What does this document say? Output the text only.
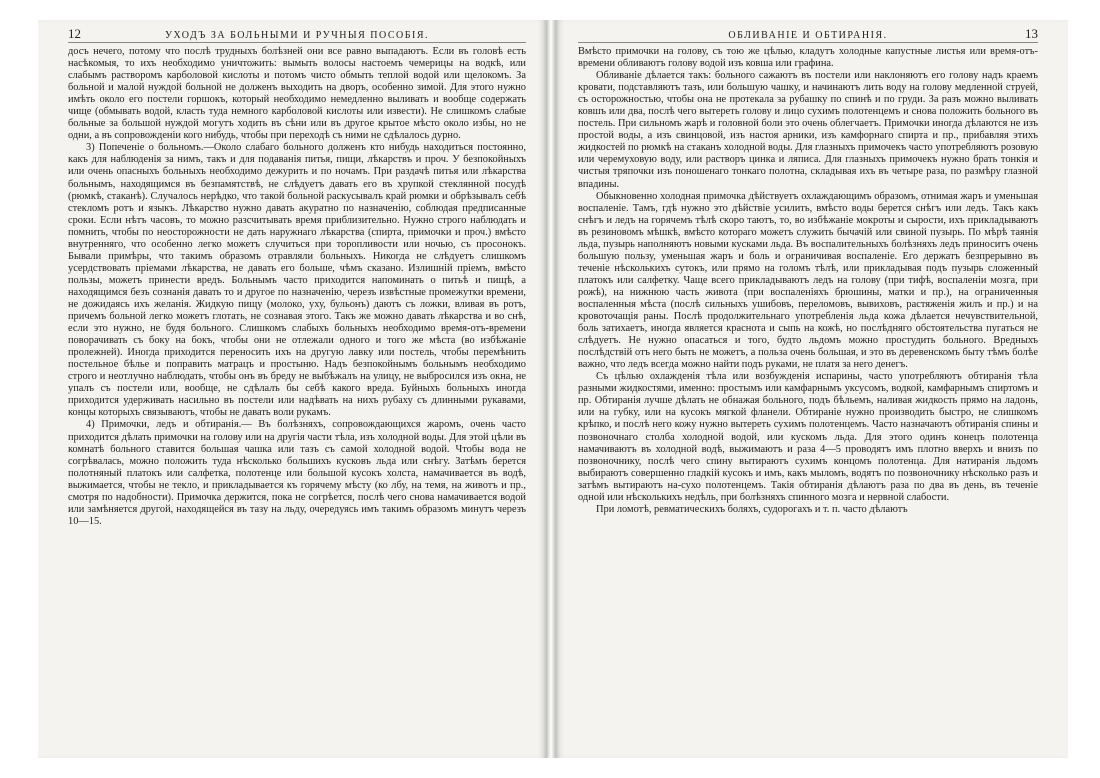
12	УХОДЪ ЗА БОЛЬНЫМИ И РУЧНЫЯ ПОСОБІЯ.

досъ нечего, потому что послѣ трудныхъ болѣзней они все равно выпадаютъ. Если въ головѣ есть насѣкомыя, то ихъ необходимо уничтожить: вымыть волосы настоемъ чемерицы на водкѣ, или слабымъ растворомъ карболовой кислоты и потомъ чисто обмыть теплой водой или щелокомъ. За больной и малой нуждой больной не долженъ выходить на дворъ, особенно зимой. Для этого нужно имѣть около его постели горшокъ, который необходимо немедленно выливать и вообще содержать чище (обмывать водой, класть туда немного карболовой кислоты или извести). Не слишкомъ слабые больные за большой нуждой могутъ ходить въ сѣни или въ другое крытое мѣсто около избы, но не одни, а въ сопровожденіи кого нибудь, чтобы при переходѣ съ ними не сдѣлалось дурно.

3) Попеченіе о больномъ.—Около слабаго больного долженъ кто нибудь находиться постоянно, какъ для наблюденія за нимъ, такъ и для подаванія питья, пищи, лѣкарствъ и проч. У безпокойныхъ или очень опасныхъ больныхъ необходимо дежурить и по ночамъ. При раздачѣ питья или лѣкарства больнымъ, находящимся въ безпамятствѣ, не слѣдуетъ давать его въ хрупкой стеклянной посудѣ (рюмкѣ, стаканѣ). Случалось нерѣдко, что такой больной раскусывалъ край рюмки и обрѣзывалъ себѣ стекломъ ротъ и языкъ. Лѣкарство нужно давать акуратно по назначенію, соблюдая предписанные сроки. Если нѣтъ часовъ, то можно разсчитывать время приблизительно. Нужно строго наблюдать и помнить, чтобы по неосторожности не дать наружнаго лѣкарства (спирта, примочки и проч.) вмѣсто внутренняго, что особенно легко можетъ случиться при торопливости или ночью, съ просонокъ. Бывали примѣры, что такимъ образомъ отравляли больныхъ. Никогда не слѣдуетъ слишкомъ усердствовать пріемами лѣкарства, не давать его больше, чѣмъ сказано. Излишній пріемъ, вмѣсто пользы, можетъ принести вредъ. Больнымъ часто приходится напоминать о питьѣ и пищѣ, а находящимся безъ сознанія давать то и другое по назначенію, черезъ извѣстные промежутки времени, не дожидаясь ихъ желанія. Жидкую пищу (молоко, уху, бульонъ) даютъ съ ложки, вливая въ ротъ, причемъ больной легко можетъ глотать, не сознавая этого. Такъ же можно давать лѣкарства и во снѣ, если это нужно, не будя больного. Слишкомъ слабыхъ больныхъ необходимо время-отъ-времени поворачивать съ боку на бокъ, чтобы они не отлежали одного и того же мѣста (во избѣжаніе пролежней). Иногда приходится переносить ихъ на другую лавку или постель, чтобы перемѣнить постельное бѣлье и поправить матрацъ и простыню. Надъ безпокойнымъ больнымъ необходимо строго и неотлучно наблюдать, чтобы онъ въ бреду не выбѣжалъ на улицу, не выбросился изъ окна, не упалъ съ постели или, вообще, не сдѣлалъ бы себѣ какого вреда. Буйныхъ больныхъ иногда приходится удерживать насильно въ постели или надѣвать на нихъ рубаху съ длинными рукавами, концы которыхъ связываютъ, чтобы не давать воли рукамъ.

4) Примочки, ледъ и обтиранія.— Въ болѣзняхъ, сопровождающихся жаромъ, очень часто приходится дѣлать примочки на голову или на другія части тѣла, изъ холодной воды. Для этой цѣли въ комнатѣ больного ставится большая чашка или тазъ съ самой холодной водой. Чтобы вода не согрѣвалась, можно положить туда нѣсколько большихъ кусковъ льда или снѣгу. Затѣмъ берется полотняный платокъ или салфетка, полотенце или большой кусокъ холста, намачивается въ водѣ, выжимается, чтобы не текло, и прикладывается къ горячему мѣсту (ко лбу, на темя, на животъ и пр., смотря по надобности). Примочка держится, пока не согрѣется, послѣ чего снова намачивается водой или замѣняется другой, находящейся въ тазу на льду, очередуясь имъ такимъ образомъ минутъ черезъ 10—15.

ОБЛИВАНІЕ И ОБТИРАНІЯ.	13

Вмѣсто примочки на голову, съ тою же цѣлью, кладутъ холодные капустные листья или время-отъ-времени обливаютъ голову водой изъ ковша или графина.

Обливаніе дѣлается такъ: больного сажаютъ въ постели или наклоняютъ его голову надъ краемъ кровати, подставляютъ тазъ, или большую чашку, и начинаютъ лить воду на голову медленной струей, съ осторожностью, чтобы она не протекала за рубашку по спинѣ и по груди. За разъ можно выливать ковшъ или два, послѣ чего вытереть голову и лицо сухимъ полотенцемъ и снова положить больного въ постель. При сильномъ жарѣ и головной боли это очень облегчаетъ. Примочки иногда дѣлаются не изъ простой воды, а изъ свинцовой, изъ настоя арники, изъ камфорнаго спирта и пр., прибавляя этихъ жидкостей по рюмкѣ на стаканъ холодной воды. Для глазныхъ примочекъ часто употребляютъ розовую или черемуховую воду, или растворъ цинка и ляписа. Для глазныхъ примочекъ нужно брать тонкія и чистыя тряпочки изъ поношенаго тонкаго полотна, складывая ихъ въ четыре раза, по размѣру глазной впадины.

Обыкновенно холодная примочка дѣйствуетъ охлаждающимъ образомъ, отнимая жаръ и уменьшая воспаленіе. Тамъ, гдѣ нужно это дѣйствіе усилить, вмѣсто воды берется снѣгъ или ледъ. Такъ какъ снѣгъ и ледъ на горячемъ тѣлѣ скоро таютъ, то, во избѣжаніе мокроты и сырости, ихъ прикладываютъ въ резиновомъ мѣшкѣ, вмѣсто котораго можетъ служить бычачій или свиной пузырь. По мѣрѣ таянія льда, пузырь наполняютъ новыми кусками льда. Въ воспалительныхъ болѣзняхъ ледъ приноситъ очень большую пользу, уменьшая жаръ и боль и ограничивая воспаленіе. Его держатъ безпрерывно въ теченіе нѣсколькихъ сутокъ, или прямо на голомъ тѣлѣ, или прикладывая подъ пузырь сложенный платокъ или салфетку. Чаще всего прикладываютъ ледъ на голову (при тифѣ, воспаленіи мозга, при рожѣ), на нижнюю часть живота (при воспаленіяхъ брюшины, матки и пр.), на ограниченныя воспаленныя мѣста (послѣ сильныхъ ушибовъ, переломовъ, вывиховъ, растяженія жилъ и пр.) и на кровоточащія раны. Послѣ продолжительнаго употребленія льда кожа дѣлается нечувствительной, боль затихаетъ, иногда является краснота и сыпь на кожѣ, но послѣдняго обстоятельства пугаться не слѣдуетъ. Не нужно опасаться и того, будто льдомъ можно простудить больного. Вредныхъ послѣдствій отъ него быть не можетъ, а польза очень большая, и это въ деревенскомъ быту тѣмъ болѣе важно, что ледъ всегда можно найти подъ руками, не платя за него денегъ.

Съ цѣлью охлажденія тѣла или возбужденія испарины, часто употребляютъ обтиранія тѣла разными жидкостями, именно: простымъ или камфарнымъ уксусомъ, водкой, камфарнымъ спиртомъ и пр. Обтиранія лучше дѣлать не обнажая больного, подъ бѣльемъ, наливая жидкость прямо на ладонь, или на губку, или на кусокъ мягкой фланели. Обтираніе нужно производить быстро, не слишкомъ крѣпко, и послѣ него кожу нужно вытереть сухимъ полотенцемъ. Часто назначаютъ обтиранія спины и позвоночнаго столба холодной водой, или кускомъ льда. Для этого одинъ конецъ полотенца намачиваютъ въ холодной водѣ, выжимаютъ и раза 4—5 проводятъ имъ плотно вверхъ и внизъ по позвоночнику, послѣ чего спину вытираютъ сухимъ концомъ полотенца. Для натиранія льдомъ выбираютъ совершенно гладкій кусокъ и имъ, какъ мыломъ, водятъ по позвоночнику нѣсколько разъ и затѣмъ вытираютъ на-сухо полотенцемъ. Такія обтиранія дѣлаютъ раза по два въ день, въ теченіе одной или нѣсколькихъ недѣль, при болѣзняхъ спинного мозга и нервной слабости.

При ломотѣ, ревматическихъ боляхъ, судорогахъ и т. п. часто дѣлаютъ
